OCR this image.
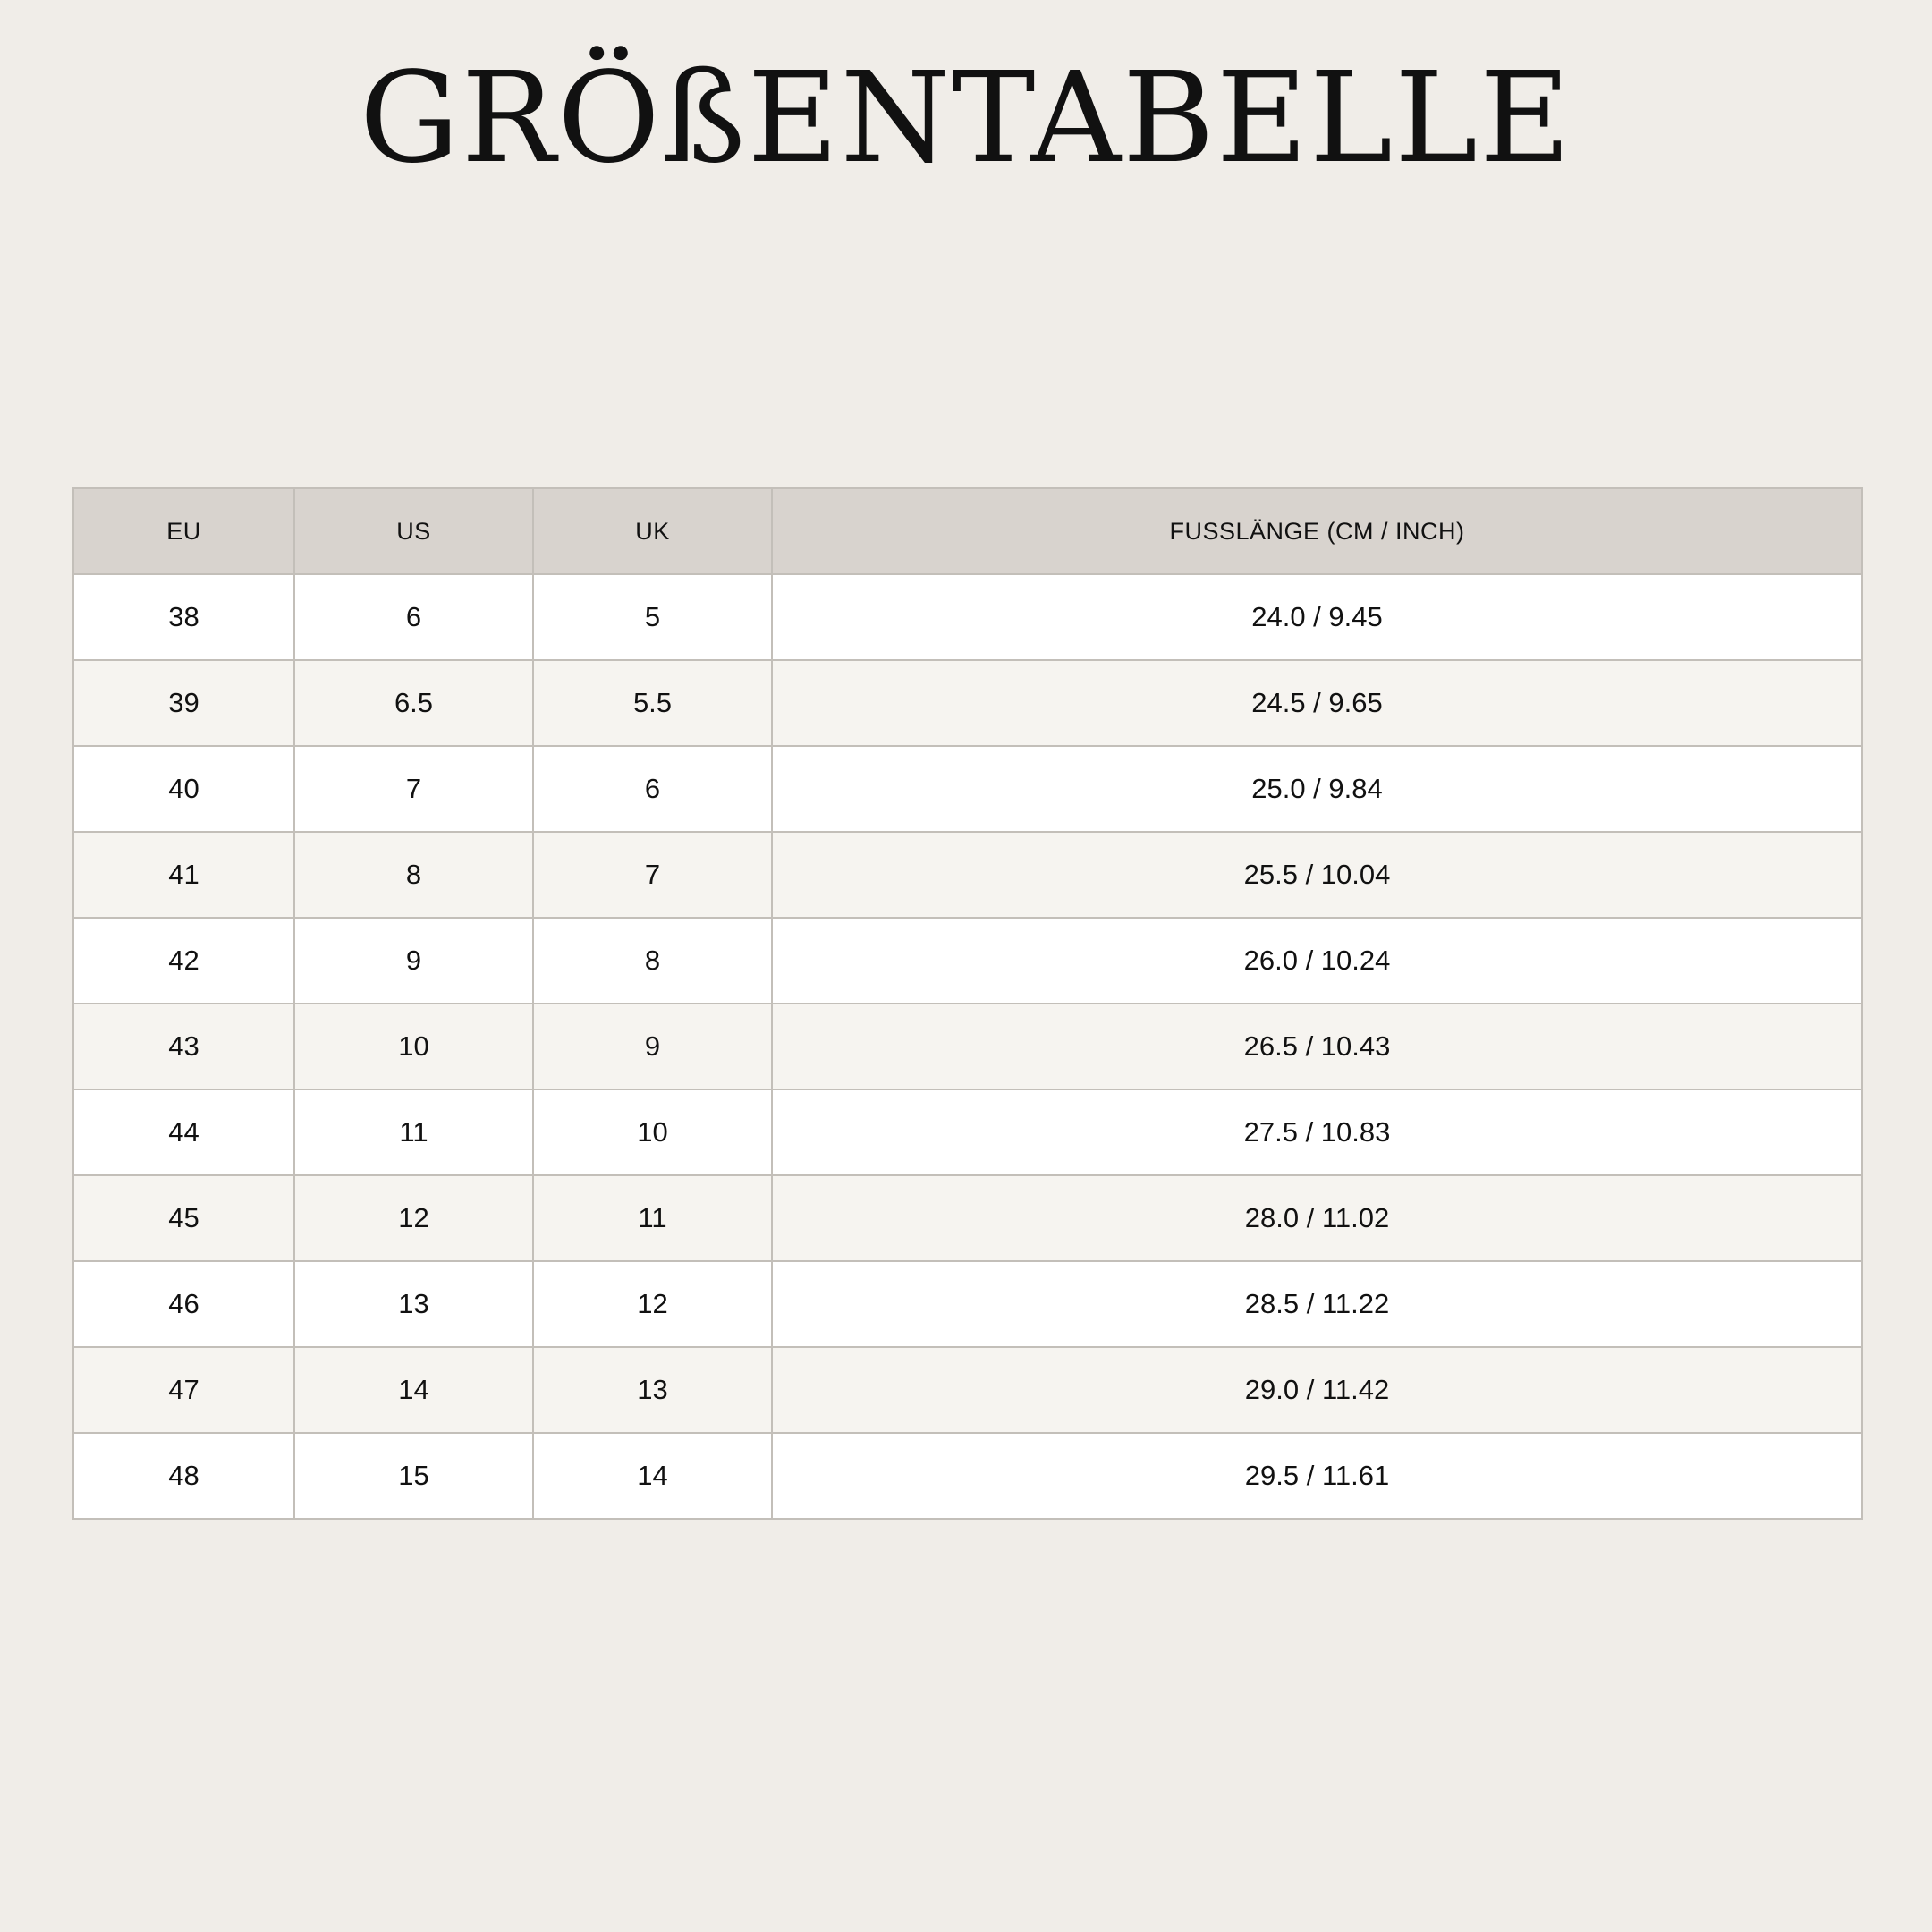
GRÖßENTABELLE
EU	US	UK	FUSSLÄNGE (CM / INCH)
38	6	5	24.0 / 9.45
39	6.5	5.5	24.5 / 9.65
40	7	6	25.0 / 9.84
41	8	7	25.5 / 10.04
42	9	8	26.0 / 10.24
43	10	9	26.5 / 10.43
44	11	10	27.5 / 10.83
45	12	11	28.0 / 11.02
46	13	12	28.5 / 11.22
47	14	13	29.0 / 11.42
48	15	14	29.5 / 11.61
